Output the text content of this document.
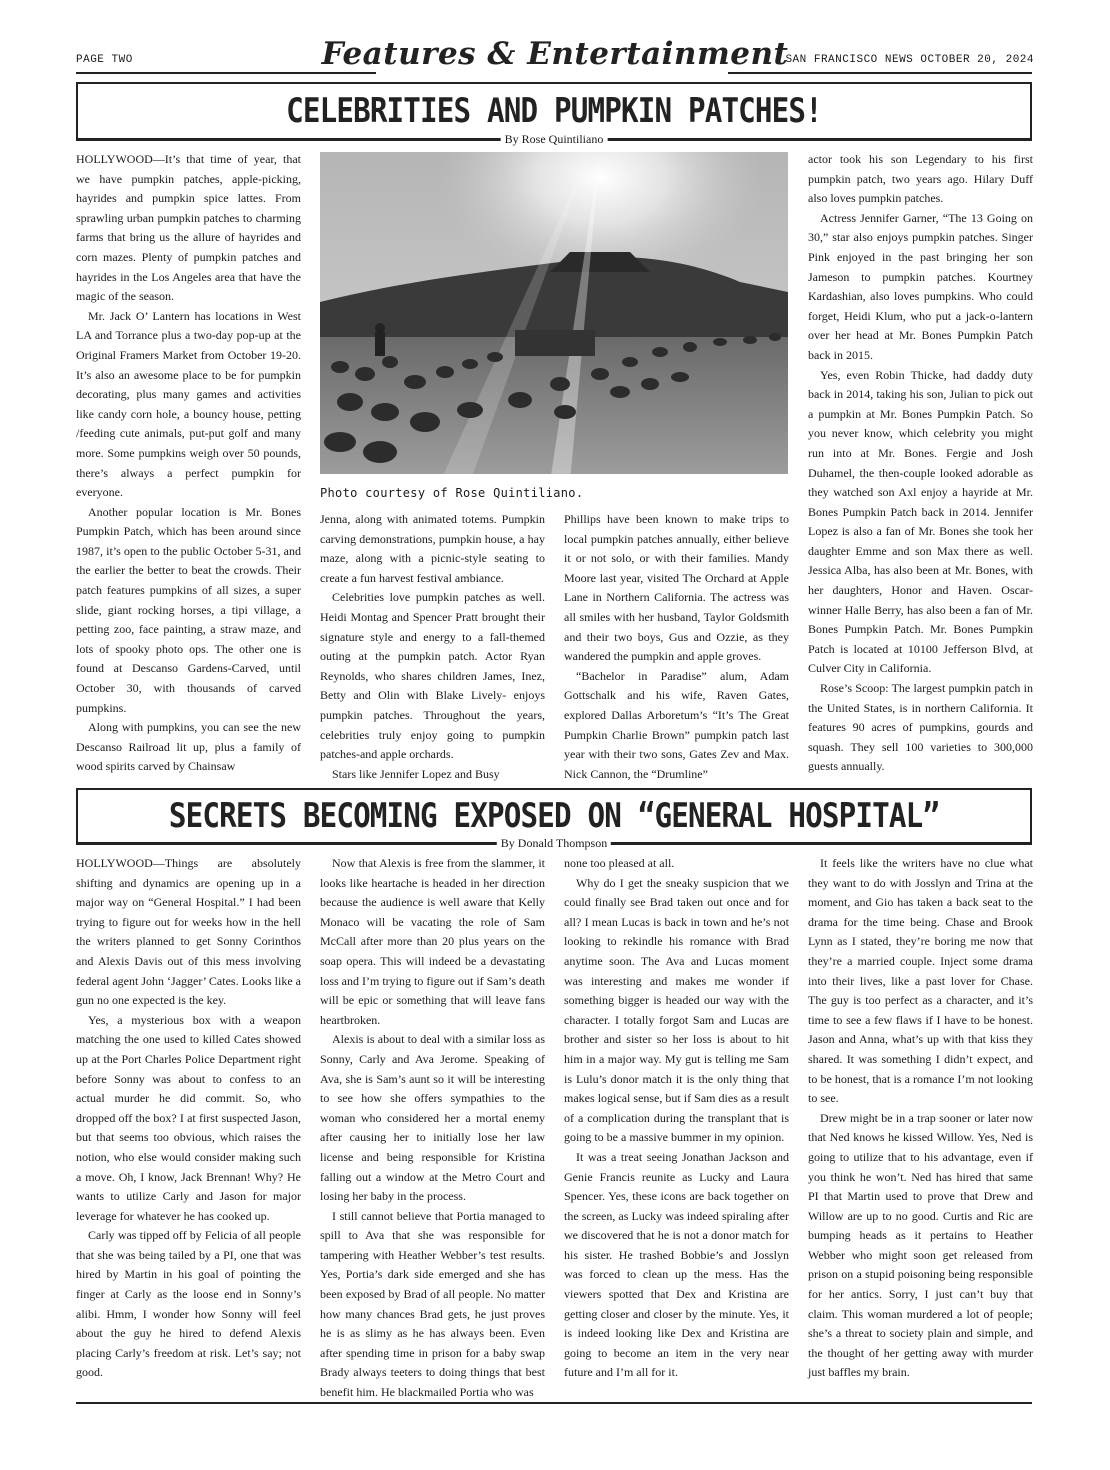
PAGE TWO	Features & Entertainment
SAN FRANCISCO NEWS OCTOBER 20, 2024
CELEBRITIES AND PUMPKIN PATCHES!
By Rose Quintiliano

HOLLYWOOD—It’s that time of year, that we have pumpkin patches, apple-picking, hayrides and pumpkin spice lattes. From sprawling urban pumpkin patches to charming farms that bring us the allure of hayrides and corn mazes. Plenty of pumpkin patches and hayrides in the Los Angeles area that have the magic of the season.

Mr. Jack O’ Lantern has locations in West LA and Torrance plus a two-day pop-up at the Original Framers Market from October 19-20. It’s also an awesome place to be for pumpkin decorating, plus many games and activities like candy corn hole, a bouncy house, petting /feeding cute animals, put-put golf and many more. Some pumpkins weigh over 50 pounds, there’s always a perfect pumpkin for everyone.

Another popular location is Mr. Bones Pumpkin Patch, which has been around since 1987, it’s open to the public October 5-31, and the earlier the better to beat the crowds. Their patch features pumpkins of all sizes, a super slide, giant rocking horses, a tipi village, a petting zoo, face painting, a straw maze, and lots of spooky photo ops. The other one is found at Descanso Gardens-Carved, until October 30, with thousands of carved pumpkins.

Along with pumpkins, you can see the new Descanso Railroad lit up, plus a family of wood spirits carved by Chainsaw

Jenna, along with animated totems. Pumpkin carving demonstrations, pumpkin house, a hay maze, along with a picnic-style seating to create a fun harvest festival ambiance.

Celebrities love pumpkin patches as well. Heidi Montag and Spencer Pratt brought their signature style and energy to a fall-themed outing at the pumpkin patch. Actor Ryan Reynolds, who shares children James, Inez, Betty and Olin with Blake Lively- enjoys pumpkin patches. Throughout the years, celebrities truly enjoy going to pumpkin patches-and apple orchards.

Stars like Jennifer Lopez and Busy

Phillips have been known to make trips to local pumpkin patches annually, either believe it or not solo, or with their families. Mandy Moore last year, visited The Orchard at Apple Lane in Northern California. The actress was all smiles with her husband, Taylor Goldsmith and their two boys, Gus and Ozzie, as they wandered the pumpkin and apple groves.

“Bachelor in Paradise” alum, Adam Gottschalk and his wife, Raven Gates, explored Dallas Arboretum’s “It’s The Great Pumpkin Charlie Brown” pumpkin patch last year with their two sons, Gates Zev and Max. Nick Cannon, the “Drumline”

actor took his son Legendary to his first pumpkin patch, two years ago. Hilary Duff also loves pumpkin patches.

Actress Jennifer Garner, “The 13 Going on 30,” star also enjoys pumpkin patches. Singer Pink enjoyed in the past bringing her son Jameson to pumpkin patches. Kourtney Kardashian, also loves pumpkins. Who could forget, Heidi Klum, who put a jack-o-lantern over her head at Mr. Bones Pumpkin Patch back in 2015.

Yes, even Robin Thicke, had daddy duty back in 2014, taking his son, Julian to pick out a pumpkin at Mr. Bones Pumpkin Patch. So you never know, which celebrity you might run into at Mr. Bones. Fergie and Josh Duhamel, the then-couple looked adorable as they watched son Axl enjoy a hayride at Mr. Bones Pumpkin Patch back in 2014. Jennifer Lopez is also a fan of Mr. Bones she took her daughter Emme and son Max there as well. Jessica Alba, has also been at Mr. Bones, with her daughters, Honor and Haven. Oscar-winner Halle Berry, has also been a fan of Mr. Bones Pumpkin Patch. Mr. Bones Pumpkin Patch is located at 10100 Jefferson Blvd, at Culver City in California.

Rose’s Scoop: The largest pumpkin patch in the United States, is in northern California. It features 90 acres of pumpkins, gourds and squash. They sell 100 varieties to 300,000 guests annually.

Photo courtesy of Rose Quintiliano.
SECRETS BECOMING EXPOSED ON “GENERAL HOSPITAL”
By Donald Thompson

HOLLYWOOD—Things are absolutely shifting and dynamics are opening up in a major way on “General Hospital.” I had been trying to figure out for weeks how in the hell the writers planned to get Sonny Corinthos and Alexis Davis out of this mess involving federal agent John ‘Jagger’ Cates. Looks like a gun no one expected is the key.

Yes, a mysterious box with a weapon matching the one used to killed Cates showed up at the Port Charles Police Department right before Sonny was about to confess to an actual murder he did commit. So, who dropped off the box? I at first suspected Jason, but that seems too obvious, which raises the notion, who else would consider making such a move. Oh, I know, Jack Brennan! Why? He wants to utilize Carly and Jason for major leverage for whatever he has cooked up.

Carly was tipped off by Felicia of all people that she was being tailed by a PI, one that was hired by Martin in his goal of pointing the finger at Carly as the loose end in Sonny’s alibi. Hmm, I wonder how Sonny will feel about the guy he hired to defend Alexis placing Carly’s freedom at risk. Let’s say; not good.

Now that Alexis is free from the slammer, it looks like heartache is headed in her direction because the audience is well aware that Kelly Monaco will be vacating the role of Sam McCall after more than 20 plus years on the soap opera. This will indeed be a devastating loss and I’m trying to figure out if Sam’s death will be epic or something that will leave fans heartbroken.

Alexis is about to deal with a similar loss as Sonny, Carly and Ava Jerome. Speaking of Ava, she is Sam’s aunt so it will be interesting to see how she offers sympathies to the woman who considered her a mortal enemy after causing her to initially lose her law license and being responsible for Kristina falling out a window at the Metro Court and losing her baby in the process.

I still cannot believe that Portia managed to spill to Ava that she was responsible for tampering with Heather Webber’s test results. Yes, Portia’s dark side emerged and she has been exposed by Brad of all people. No matter how many chances Brad gets, he just proves he is as slimy as he has always been. Even after spending time in prison for a baby swap Brady always teeters to doing things that best benefit him. He blackmailed Portia who was

none too pleased at all.

Why do I get the sneaky suspicion that we could finally see Brad taken out once and for all? I mean Lucas is back in town and he’s not looking to rekindle his romance with Brad anytime soon. The Ava and Lucas moment was interesting and makes me wonder if something bigger is headed our way with the character. I totally forgot Sam and Lucas are brother and sister so her loss is about to hit him in a major way. My gut is telling me Sam is Lulu’s donor match it is the only thing that makes logical sense, but if Sam dies as a result of a complication during the transplant that is going to be a massive bummer in my opinion.

It was a treat seeing Jonathan Jackson and Genie Francis reunite as Lucky and Laura Spencer. Yes, these icons are back together on the screen, as Lucky was indeed spiraling after we discovered that he is not a donor match for his sister. He trashed Bobbie’s and Josslyn was forced to clean up the mess. Has the viewers spotted that Dex and Kristina are getting closer and closer by the minute. Yes, it is indeed looking like Dex and Kristina are going to become an item in the very near future and I’m all for it.

It feels like the writers have no clue what they want to do with Josslyn and Trina at the moment, and Gio has taken a back seat to the drama for the time being. Chase and Brook Lynn as I stated, they’re boring me now that they’re a married couple. Inject some drama into their lives, like a past lover for Chase. The guy is too perfect as a character, and it’s time to see a few flaws if I have to be honest. Jason and Anna, what’s up with that kiss they shared. It was something I didn’t expect, and to be honest, that is a romance I’m not looking to see.

Drew might be in a trap sooner or later now that Ned knows he kissed Willow. Yes, Ned is going to utilize that to his advantage, even if you think he won’t. Ned has hired that same PI that Martin used to prove that Drew and Willow are up to no good. Curtis and Ric are bumping heads as it pertains to Heather Webber who might soon get released from prison on a stupid poisoning being responsible for her antics. Sorry, I just can’t buy that claim. This woman murdered a lot of people; she’s a threat to society plain and simple, and the thought of her getting away with murder just baffles my brain.
